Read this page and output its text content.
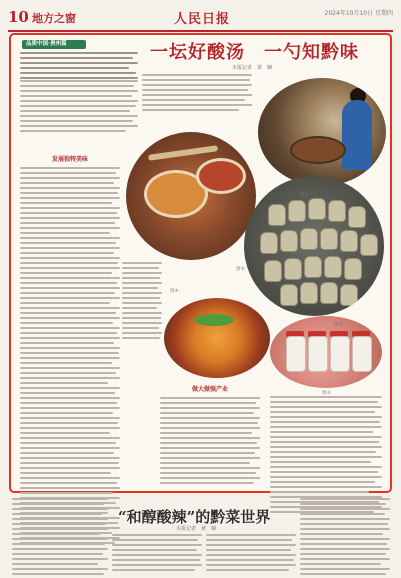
10 地方之窗	人民日报	2024年10月10日 星期四
品质中国·贵州篇	一坛好酸汤　一勺知黔味
本报记者　黄　娴
发展独特美味
做大做强产业
图①：
图②：
图③：
图④：
图⑤：
“和醇酸辣”的黔菜世界
本报记者　黄　娴
